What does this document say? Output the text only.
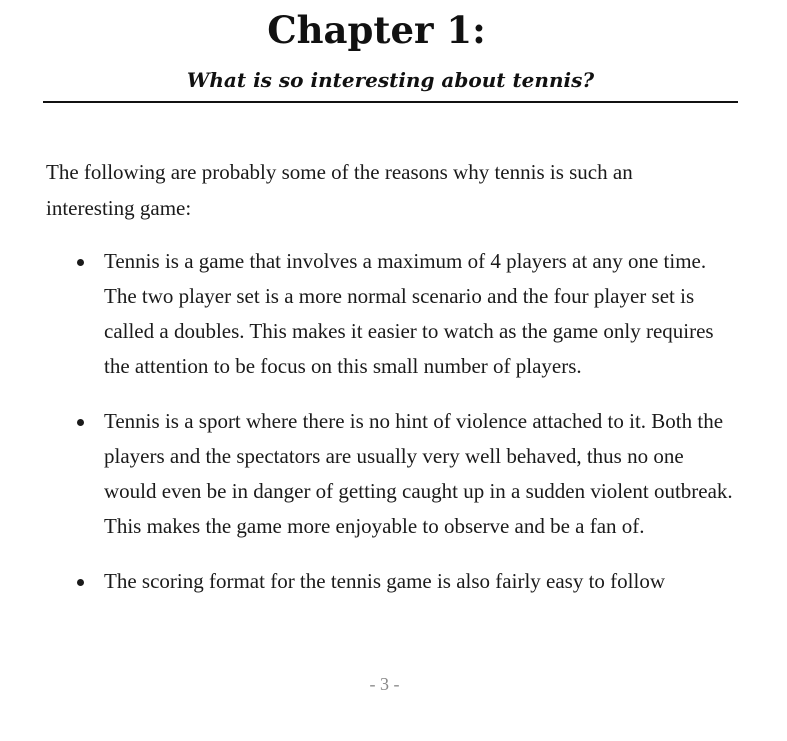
Chapter 1:
What is so interesting about tennis?

The following are probably some of the reasons why tennis is such an interesting game:

Tennis is a game that involves a maximum of 4 players at any one time. The two player set is a more normal scenario and the four player set is called a doubles. This makes it easier to watch as the game only requires the attention to be focus on this small number of players.
Tennis is a sport where there is no hint of violence attached to it. Both the players and the spectators are usually very well behaved, thus no one would even be in danger of getting caught up in a sudden violent outbreak. This makes the game more enjoyable to observe and be a fan of.
The scoring format for the tennis game is also fairly easy to follow
- 3 -
